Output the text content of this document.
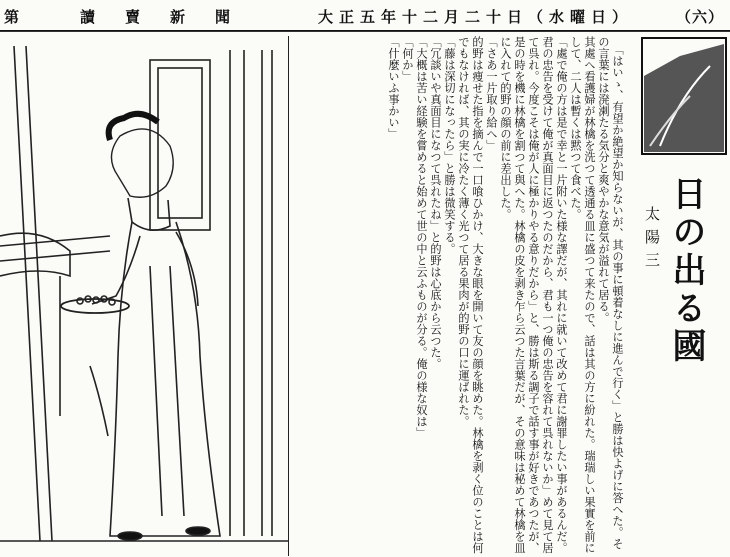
第	讀賣新聞	大正五年十二月二十日（水曜日）	（六）

「はいゝ、有望か絶望か知らないが、其の事に頓着なしに進んで行く」と勝は快よげに答へた。その言葉には溌溂たる気分と爽やかな意気が溢れて居る。
其處へ看護婦が林檎を洗つて透通る皿に盛つて来たので、話は其の方に紛れた。瑞瑞しい果實を前にして、二人は暫くは黙つて食べた。
「處で俺の方は是で幸と一片附いた様な譯だが、其れに就いて改めて君に謝罪したい事があるんだ。君の忠告を受けて俺が真面目に返つたのだから、君も一つ俺の忠告を容れて呉れないか」めて見て居て呉れ。今度こそは俺が人に極かりやる意りだから」と、勝は斯る調子で話す事が好きであつたが、是の時を機に林檎を割つて與へた。林檎の皮を剥き乍ら云つた言葉だが、その意味は秘めて林檎を皿に入れて的野の顔の前に差出した。
「さあ一片取り給へ」
的野は痩せた指を摘んで一口喰ひかけ、大きな眼を開いて友の顔を眺めた。林檎を剥く位のことは何でもなければ、其の実に冷たく薄く光つて居る果肉が的野の口に運ばれた。
「藤は深切になったら」と勝は微笑する。
「冗談いや真面目になつて呉れたね」と的野は心底から云つた。
「大概は苦い経験を嘗めると始めて世の中と云ふものが分る。俺の様な奴は」
「何か」
「什麼いふ事かい」

日の出る國
太陽三
